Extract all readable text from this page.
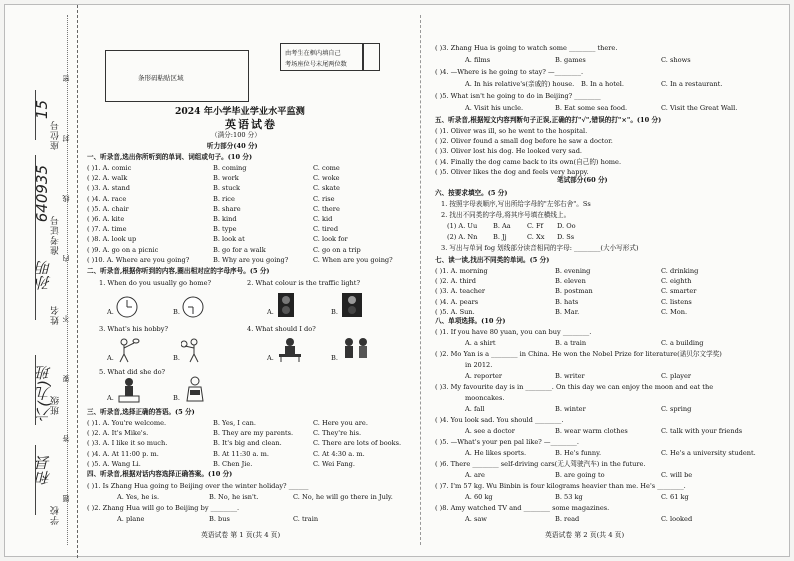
密
封
线
内
不
要
答
题
座位号
15
准考证号
640935
姓名
孙明
班级
六(九)班
学校
和县
条形码粘贴区域
由考生在框内填自己
考场座位号末尾两位数
2024 年小学毕业学业水平监测
英语试卷
（满分:100 分）
听力部分(40 分)
一、听录音,选出你所听到的单词、词组或句子。(10 分)
( )1. A. comic	B. coming	C. come
( )2. A. walk	B. work	C. woke
( )3. A. stand	B. stuck	C. skate
( )4. A. race	B. rice	C. rise
( )5. A. chair	B. share	C. there
( )6. A. kite	B. kind	C. kid
( )7. A. time	B. type	C. tired
( )8. A. look up	B. look at	C. look for
( )9. A. go on a picnic	B. go for a walk	C. go on a trip
( )10. A. Where are you going?	B. Why are you going?	C. When are you going?
二、听录音,根据你听到的内容,圈出相对应的字母序号。(5 分)
1. When do you usually go home?	2. What colour is the traffic light?
A.	B.	A.	B.
3. What's his hobby?	4. What should I do?
A.	B.	A.	B.
5. What did she do?
A.	B.
三、听录音,选择正确的答语。(5 分)
( )1. A. You're welcome.	B. Yes, I can.	C. Here you are.
( )2. A. It's Mike's.	B. They are my parents.	C. They're his.
( )3. A. I like it so much.	B. It's big and clean.	C. There are lots of books.
( )4. A. At 11:00 p. m.	B. At 11:30 a. m.	C. At 4:30 a. m.
( )5. A. Wang Li.	B. Chen Jie.	C. Wei Fang.
四、听录音,根据对话内容选择正确答案。(10 分)
( )1. Is Zhang Hua going to Beijing over the winter holiday? ______
A. Yes, he is.	B. No, he isn't.	C. No, he will go there in July.
( )2. Zhang Hua will go to Beijing by ________.
A. plane	B. bus	C. train
英语试卷 第 1 页(共 4 页)
( )3. Zhang Hua is going to watch some ________ there.
A. films	B. games	C. shows
( )4. —Where is he going to stay? —________.
A. In his relative's(亲戚的) house. B. In a hotel.	C. In a restaurant.
( )5. What isn't he going to do in Beijing? ________
A. Visit his uncle.	B. Eat some sea food.	C. Visit the Great Wall.
五、听录音,根据短文内容判断句子正误,正确的打"√",错误的打"×"。(10 分)
( )1. Oliver was ill, so he went to the hospital.
( )2. Oliver found a small dog before he saw a doctor.
( )3. Oliver lost his dog. He looked very sad.
( )4. Finally the dog came back to its own(自己的) home.
( )5. Oliver likes the dog and feels very happy.
笔试部分(60 分)
六、按要求填空。(5 分)
1. 按照字母表顺序,写出所给字母的"左邻右舍"。Ss
2. 找出不同类的字母,将其序号填在横线上。
(1) A. Uu B. Aa C. Ff D. Oo
(2) A. Nn B. Jj	C. Xx D. Ss
3. 写出与单词 fog 划线部分读音相同的字母: ________(大小写形式)
七、读一读,找出不同类的单词。(5 分)
( )1. A. morning	B. evening	C. drinking
( )2. A. third	B. eleven	C. eighth
( )3. A. teacher	B. postman	C. smarter
( )4. A. pears	B. hats	C. listens
( )5. A. Sun.	B. Mar.	C. Mon.
八、单项选择。(10 分)
( )1. If you have 80 yuan, you can buy ________.
A. a shirt	B. a train	C. a building
( )2. Mo Yan is a ________ in China. He won the Nobel Prize for literature(诺贝尔文学奖)
in 2012.
A. reporter	B. writer	C. player
( )3. My favourite day is in ________. On this day we can enjoy the moon and eat the
mooncakes.
A. fall	B. winter	C. spring
( )4. You look sad. You should ________.
A. see a doctor	B. wear warm clothes	C. talk with your friends
( )5. —What's your pen pal like? —________.
A. He likes sports.	B. He's funny.	C. He's a university student.
( )6. There ________ self-driving cars(无人驾驶汽车) in the future.
A. are	B. are going to	C. will be
( )7. I'm 57 kg. Wu Binbin is four kilograms heavier than me. He's ________.
A. 60 kg	B. 53 kg	C. 61 kg
( )8. Amy watched TV and ________ some magazines.
A. saw	B. read	C. looked
英语试卷 第 2 页(共 4 页)
